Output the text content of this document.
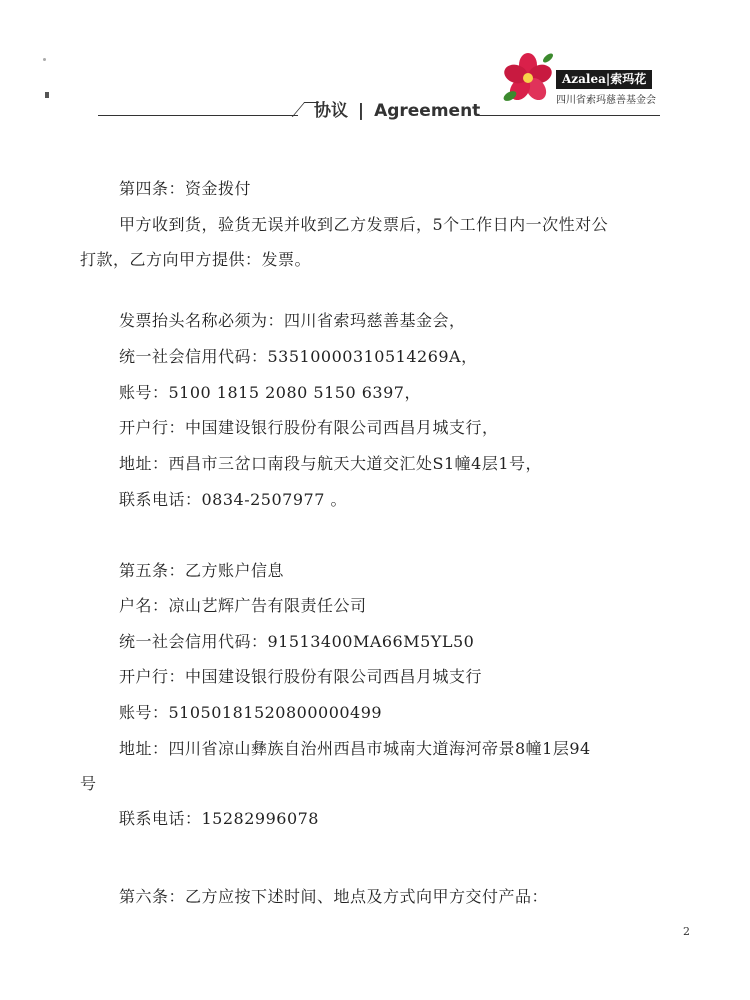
协议 | Agreement
Azalea|索玛花
四川省索玛慈善基金会
第四条：资金拨付
甲方收到货，验货无误并收到乙方发票后，5个工作日内一次性对公
打款，乙方向甲方提供：发票。
发票抬头名称必须为：四川省索玛慈善基金会，
统一社会信用代码：53510000310514269A，
账号：5100 1815 2080 5150 6397，
开户行：中国建设银行股份有限公司西昌月城支行，
地址：西昌市三岔口南段与航天大道交汇处S1幢4层1号，
联系电话：0834-2507977 。
第五条：乙方账户信息
户名：凉山艺辉广告有限责任公司
统一社会信用代码：91513400MA66M5YL50
开户行：中国建设银行股份有限公司西昌月城支行
账号：51050181520800000499
地址：四川省凉山彝族自治州西昌市城南大道海河帝景8幢1层94
号
联系电话：15282996078
第六条：乙方应按下述时间、地点及方式向甲方交付产品：
2
